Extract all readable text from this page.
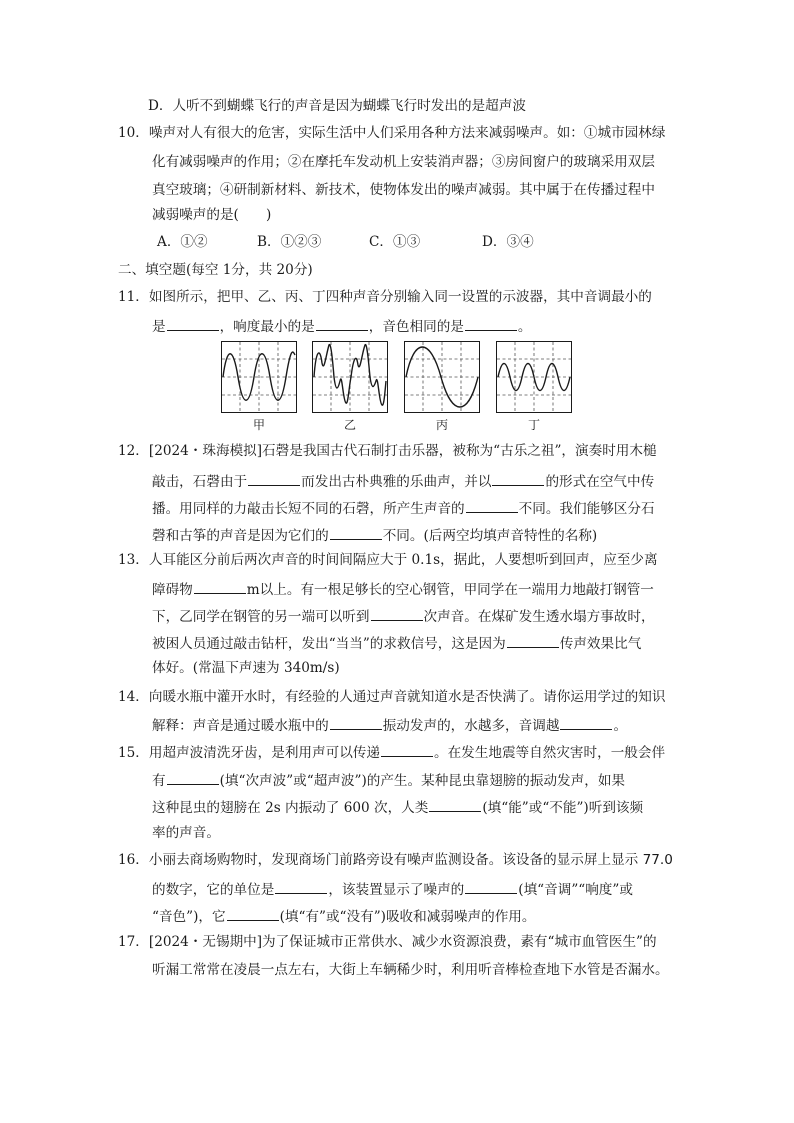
D．人听不到蝴蝶飞行的声音是因为蝴蝶飞行时发出的是超声波
10．噪声对人有很大的危害，实际生活中人们采用各种方法来减弱噪声。如：①城市园林绿
化有减弱噪声的作用；②在摩托车发动机上安装消声器；③房间窗户的玻璃采用双层
真空玻璃；④研制新材料、新技术，使物体发出的噪声减弱。其中属于在传播过程中
减弱噪声的是(　　)
A．①②	B．①②③	C．①③	D．③④
二、填空题(每空 1分，共 20分)
11．如图所示，把甲、乙、丙、丁四种声音分别输入同一设置的示波器，其中音调最小的
是	，响度最小的是	，音色相同的是	。
甲	乙	丙	丁
12．[2024・珠海模拟]石磬是我国古代石制打击乐器，被称为“古乐之祖”，演奏时用木槌
敲击，石磬由于	而发出古朴典雅的乐曲声，并以	的形式在空气中传
播。用同样的力敲击长短不同的石磬，所产生声音的	不同。我们能够区分石
磬和古筝的声音是因为它们的	不同。(后两空均填声音特性的名称)
13．人耳能区分前后两次声音的时间间隔应大于 0.1s，据此，人要想听到回声，应至少离
障碍物	m以上。有一根足够长的空心钢管，甲同学在一端用力地敲打钢管一
下，乙同学在钢管的另一端可以听到	次声音。在煤矿发生透水塌方事故时，
被困人员通过敲击钻杆，发出“当当”的求救信号，这是因为	传声效果比气
体好。(常温下声速为 340m/s)
14．向暖水瓶中灌开水时，有经验的人通过声音就知道水是否快满了。请你运用学过的知识
解释：声音是通过暖水瓶中的	振动发声的，水越多，音调越	。
15．用超声波清洗牙齿，是利用声可以传递	。在发生地震等自然灾害时，一般会伴
有	(填“次声波”或“超声波”)的产生。某种昆虫靠翅膀的振动发声，如果
这种昆虫的翅膀在 2s 内振动了 600 次，人类	(填“能”或“不能”)听到该频
率的声音。
16．小丽去商场购物时，发现商场门前路旁设有噪声监测设备。该设备的显示屏上显示 77.0
的数字，它的单位是	，该装置显示了噪声的	(填“音调”“响度”或
“音色”)，它	(填“有”或“没有”)吸收和减弱噪声的作用。
17．[2024・无锡期中]为了保证城市正常供水、减少水资源浪费，素有“城市血管医生”的
听漏工常常在凌晨一点左右，大街上车辆稀少时，利用听音棒检查地下水管是否漏水。
